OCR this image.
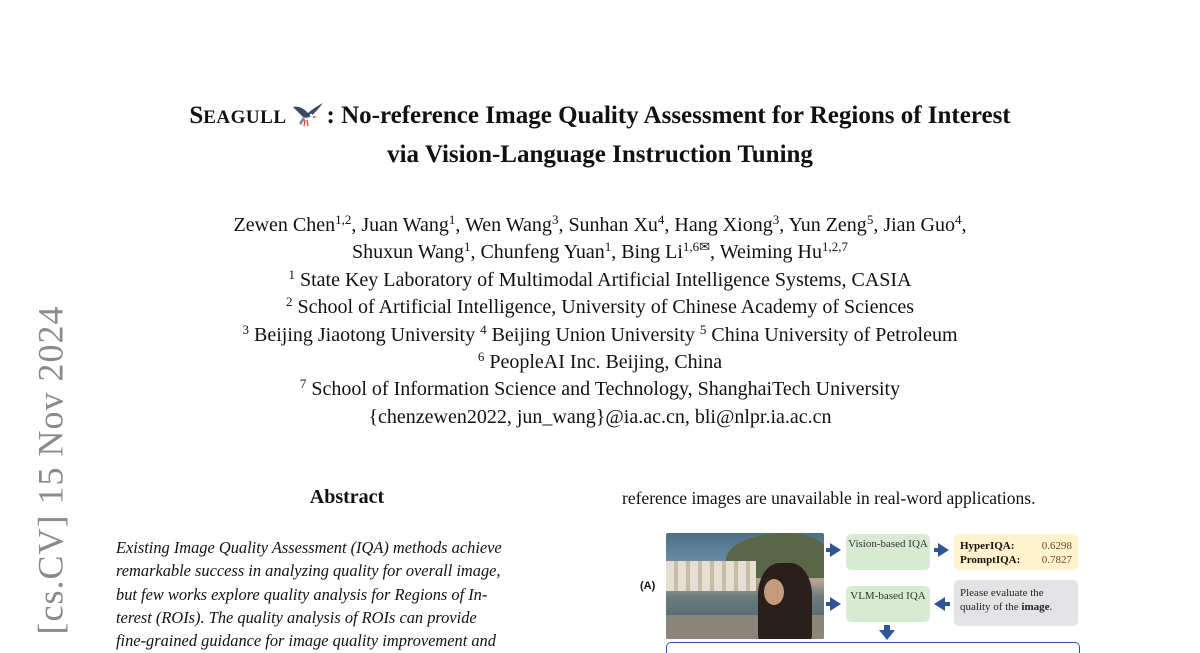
[cs.CV] 15 Nov 2024
SEAGULL : No-reference Image Quality Assessment for Regions of Interest
via Vision-Language Instruction Tuning
Zewen Chen$^{1,2}$, Juan Wang$^1$, Wen Wang$^3$, Sunhan Xu$^4$, Hang Xiong$^3$, Yun Zeng$^5$, Jian Guo$^4$,
Shuxun Wang$^1$, Chunfeng Yuan$^1$, Bing $Li^{1,6✉}$, Weiming Hu$^{1,2,7}$
$^1$ State Key Laboratory of Multimodal Artificial Intelligence Systems, CASIA
$^2$ School of Artificial Intelligence, University of Chinese Academy of Sciences
$^3$ Beijing Jiaotong University $^4$ Beijing Union University $^5$ China University of Petroleum
$^6$ PeopleAI Inc. Beijing, China
$^7$ School of Information Science and Technology, ShanghaiTech University
{chenzewen2022, jun_wang}@ia.ac.cn, bli@nlpr.ia.ac.cn
Abstract
Existing Image Quality Assessment (IQA) methods achieve
remarkable success in analyzing quality for overall image,
but few works explore quality analysis for Regions of In-
terest (ROIs). The quality analysis of ROIs can provide
fine-grained guidance for image quality improvement and
reference images are unavailable in real-word applications.
(A)
Vision-based IQA	HyperIQA: 0.6298
PromptIQA: 0.7827
VLM-based IQA	Please evaluate the quality of the image.
